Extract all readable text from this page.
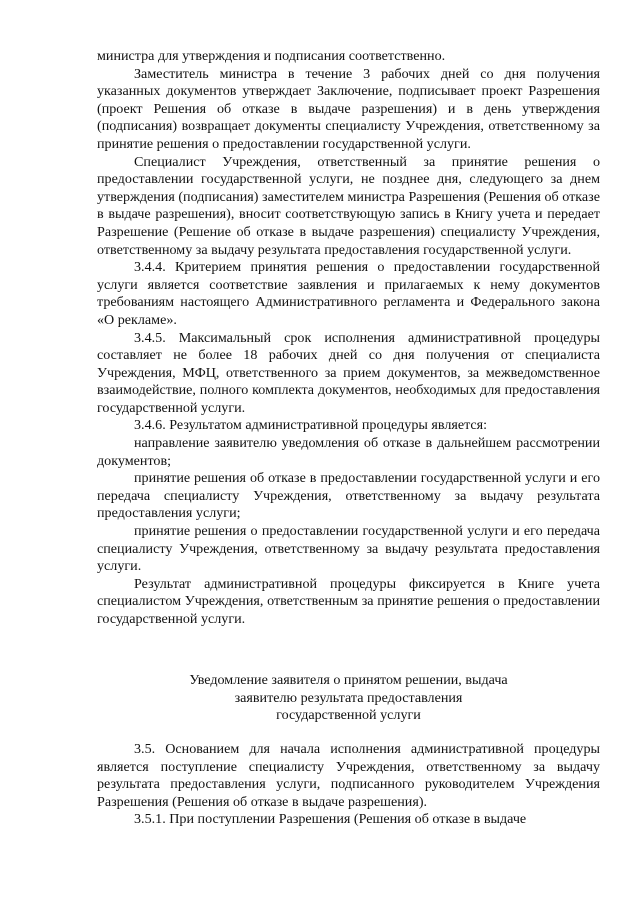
министра для утверждения и подписания соответственно.

Заместитель министра в течение 3 рабочих дней со дня получения указанных документов утверждает Заключение, подписывает проект Разрешения (проект Решения об отказе в выдаче разрешения) и в день утверждения (подписания) возвращает документы специалисту Учреждения, ответственному за принятие решения о предоставлении государственной услуги.

Специалист Учреждения, ответственный за принятие решения о предоставлении государственной услуги, не позднее дня, следующего за днем утверждения (подписания) заместителем министра Разрешения (Решения об отказе в выдаче разрешения), вносит соответствующую запись в Книгу учета и передает Разрешение (Решение об отказе в выдаче разрешения) специалисту Учреждения, ответственному за выдачу результата предоставления государственной услуги.

3.4.4. Критерием принятия решения о предоставлении государственной услуги является соответствие заявления и прилагаемых к нему документов требованиям настоящего Административного регламента и Федерального закона «О рекламе».

3.4.5. Максимальный срок исполнения административной процедуры составляет не более 18 рабочих дней со дня получения от специалиста Учреждения, МФЦ, ответственного за прием документов, за межведомственное взаимодействие, полного комплекта документов, необходимых для предоставления государственной услуги.

3.4.6. Результатом административной процедуры является:

направление заявителю уведомления об отказе в дальнейшем рассмотрении документов;

принятие решения об отказе в предоставлении государственной услуги и его передача специалисту Учреждения, ответственному за выдачу результата предоставления услуги;

принятие решения о предоставлении государственной услуги и его передача специалисту Учреждения, ответственному за выдачу результата предоставления услуги.

Результат административной процедуры фиксируется в Книге учета специалистом Учреждения, ответственным за принятие решения о предоставлении государственной услуги.

Уведомление заявителя о принятом решении, выдача
заявителю результата предоставления
государственной услуги

3.5. Основанием для начала исполнения административной процедуры является поступление специалисту Учреждения, ответственному за выдачу результата предоставления услуги, подписанного руководителем Учреждения Разрешения (Решения об отказе в выдаче разрешения).

3.5.1. При поступлении Разрешения (Решения об отказе в выдаче
